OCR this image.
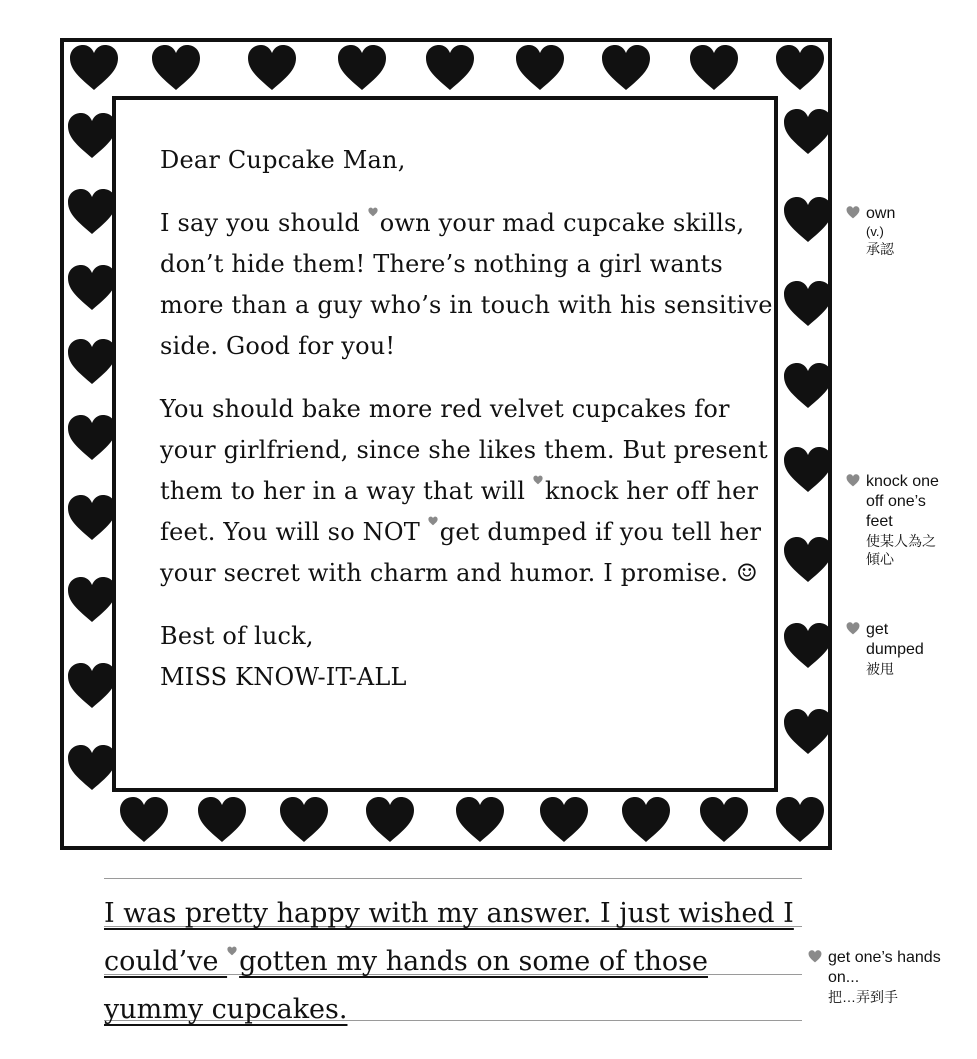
Dear Cupcake Man,

I say you should own your mad cupcake skills, don’t hide them! There’s nothing a girl wants more than a guy who’s in touch with his sensitive side. Good for you!

You should bake more red velvet cupcakes for your girlfriend, since she likes them. But present them to her in a way that will knock her off her feet. You will so NOT get dumped if you tell her your secret with charm and humor. I promise. ☺

Best of luck,

MISS KNOW-IT-ALL

own
(v.)
承認
knock one off one’s feet
使某人為之傾心
get dumped
被甩
get one’s hands on...
把…弄到手
I was pretty happy with my answer. I just wished I could’ve gotten my hands on some of those yummy cupcakes.
